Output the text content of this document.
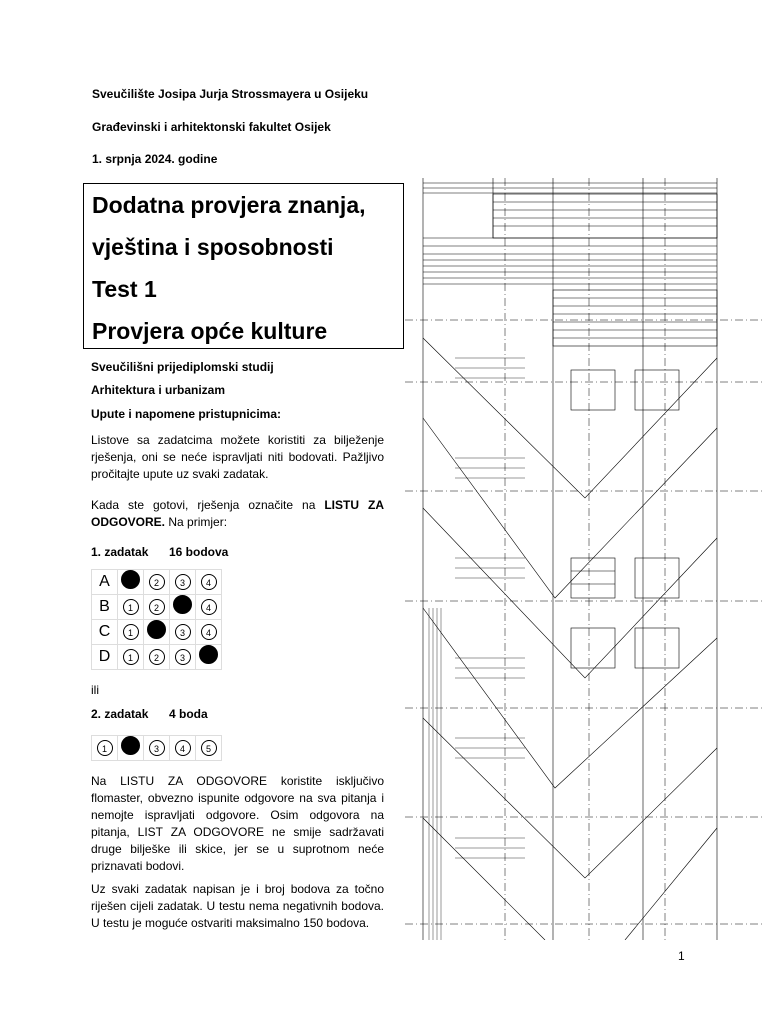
Sveučilište Josipa Jurja Strossmayera u Osijeku
Građevinski i arhitektonski fakultet Osijek
1. srpnja 2024. godine
Dodatna provjera znanja,
vještina i sposobnosti
Test 1
Provjera opće kulture
Sveučilišni prijediplomski studij
Arhitektura i urbanizam
Upute i napomene pristupnicima:
Listove sa zadatcima možete koristiti za bilježenje rješenja, oni se neće ispravljati niti bodovati. Pažljivo pročitajte upute uz svaki zadatak.
Kada ste gotovi, rješenja označite na LISTU ZA ODGOVORE. Na primjer:
1. zadatak 16 bodova
A		2	3	4
B	1	2		4
C	1		3	4
D	1	2	3	
ili
2. zadatak 4 boda
1		3	4	5
Na LISTU ZA ODGOVORE koristite isključivo flomaster, obvezno ispunite odgovore na sva pitanja i nemojte ispravljati odgovore. Osim odgovora na pitanja, LIST ZA ODGOVORE ne smije sadržavati druge bilješke ili skice, jer se u suprotnom neće priznavati bodovi.
Uz svaki zadatak napisan je i broj bodova za točno riješen cijeli zadatak. U testu nema negativnih bodova. U testu je moguće ostvariti maksimalno 150 bodova.
1
